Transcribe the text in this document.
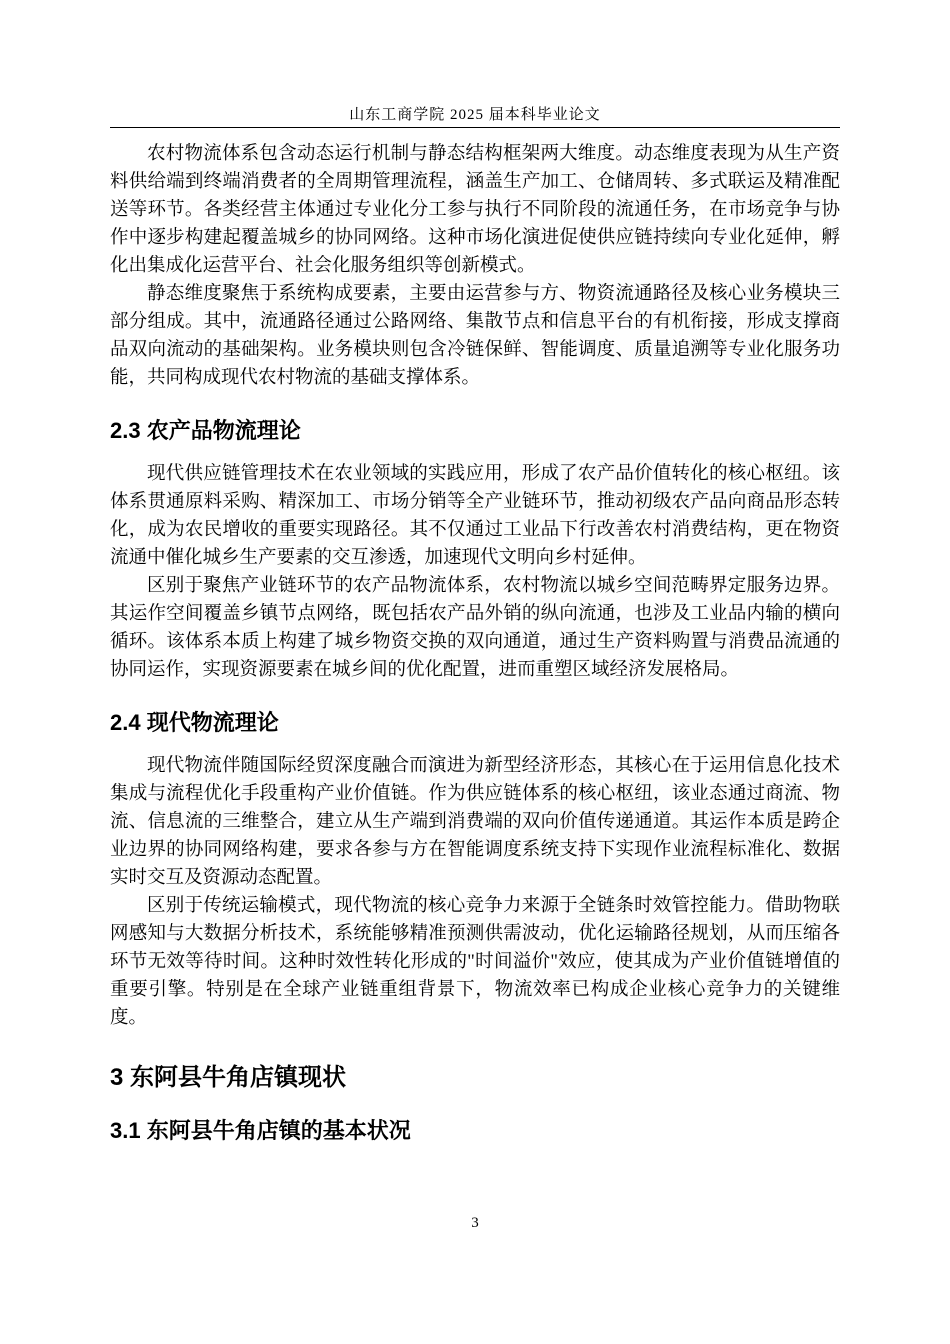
山东工商学院 2025 届本科毕业论文

农村物流体系包含动态运行机制与静态结构框架两大维度。动态维度表现为从生产资料供给端到终端消费者的全周期管理流程，涵盖生产加工、仓储周转、多式联运及精准配送等环节。各类经营主体通过专业化分工参与执行不同阶段的流通任务，在市场竞争与协作中逐步构建起覆盖城乡的协同网络。这种市场化演进促使供应链持续向专业化延伸，孵化出集成化运营平台、社会化服务组织等创新模式。

静态维度聚焦于系统构成要素，主要由运营参与方、物资流通路径及核心业务模块三部分组成。其中，流通路径通过公路网络、集散节点和信息平台的有机衔接，形成支撑商品双向流动的基础架构。业务模块则包含冷链保鲜、智能调度、质量追溯等专业化服务功能，共同构成现代农村物流的基础支撑体系。

2.3 农产品物流理论

现代供应链管理技术在农业领域的实践应用，形成了农产品价值转化的核心枢纽。该体系贯通原料采购、精深加工、市场分销等全产业链环节，推动初级农产品向商品形态转化，成为农民增收的重要实现路径。其不仅通过工业品下行改善农村消费结构，更在物资流通中催化城乡生产要素的交互渗透，加速现代文明向乡村延伸。

区别于聚焦产业链环节的农产品物流体系，农村物流以城乡空间范畴界定服务边界。其运作空间覆盖乡镇节点网络，既包括农产品外销的纵向流通，也涉及工业品内输的横向循环。该体系本质上构建了城乡物资交换的双向通道，通过生产资料购置与消费品流通的协同运作，实现资源要素在城乡间的优化配置，进而重塑区域经济发展格局。

2.4 现代物流理论

现代物流伴随国际经贸深度融合而演进为新型经济形态，其核心在于运用信息化技术集成与流程优化手段重构产业价值链。作为供应链体系的核心枢纽，该业态通过商流、物流、信息流的三维整合，建立从生产端到消费端的双向价值传递通道。其运作本质是跨企业边界的协同网络构建，要求各参与方在智能调度系统支持下实现作业流程标准化、数据实时交互及资源动态配置。

区别于传统运输模式，现代物流的核心竞争力来源于全链条时效管控能力。借助物联网感知与大数据分析技术，系统能够精准预测供需波动，优化运输路径规划，从而压缩各环节无效等待时间。这种时效性转化形成的"时间溢价"效应，使其成为产业价值链增值的重要引擎。特别是在全球产业链重组背景下，物流效率已构成企业核心竞争力的关键维度。

3 东阿县牛角店镇现状
3.1 东阿县牛角店镇的基本状况
3
